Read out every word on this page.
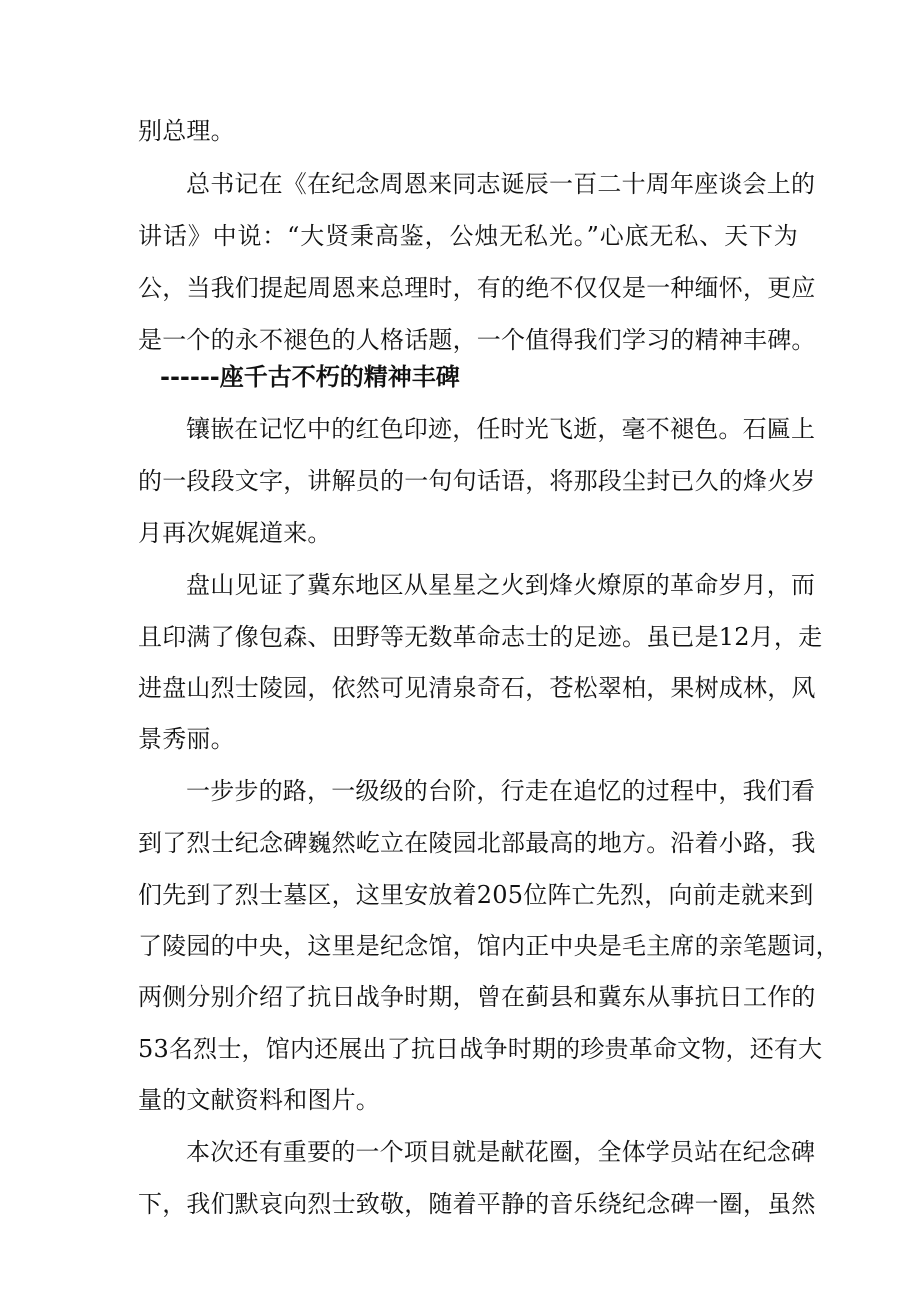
别总理。
总书记在《在纪念周恩来同志诞辰一百二十周年座谈会上的
讲话》中说：“大贤秉高鉴，公烛无私光。”心底无私、天下为
公，当我们提起周恩来总理时，有的绝不仅仅是一种缅怀，更应
是一个的永不褪色的人格话题，一个值得我们学习的精神丰碑。
------座千古不朽的精神丰碑
镶嵌在记忆中的红色印迹，任时光飞逝，毫不褪色。石匾上
的一段段文字，讲解员的一句句话语，将那段尘封已久的烽火岁
月再次娓娓道来。
盘山见证了冀东地区从星星之火到烽火燎原的革命岁月，而
且印满了像包森、田野等无数革命志士的足迹。虽已是12月，走
进盘山烈士陵园，依然可见清泉奇石，苍松翠柏，果树成林，风
景秀丽。
一步步的路，一级级的台阶，行走在追忆的过程中，我们看
到了烈士纪念碑巍然屹立在陵园北部最高的地方。沿着小路，我
们先到了烈士墓区，这里安放着205位阵亡先烈，向前走就来到
了陵园的中央，这里是纪念馆，馆内正中央是毛主席的亲笔题词，
两侧分别介绍了抗日战争时期，曾在蓟县和冀东从事抗日工作的
53名烈士，馆内还展出了抗日战争时期的珍贵革命文物，还有大
量的文献资料和图片。
本次还有重要的一个项目就是献花圈，全体学员站在纪念碑
下，我们默哀向烈士致敬，随着平静的音乐绕纪念碑一圈，虽然
